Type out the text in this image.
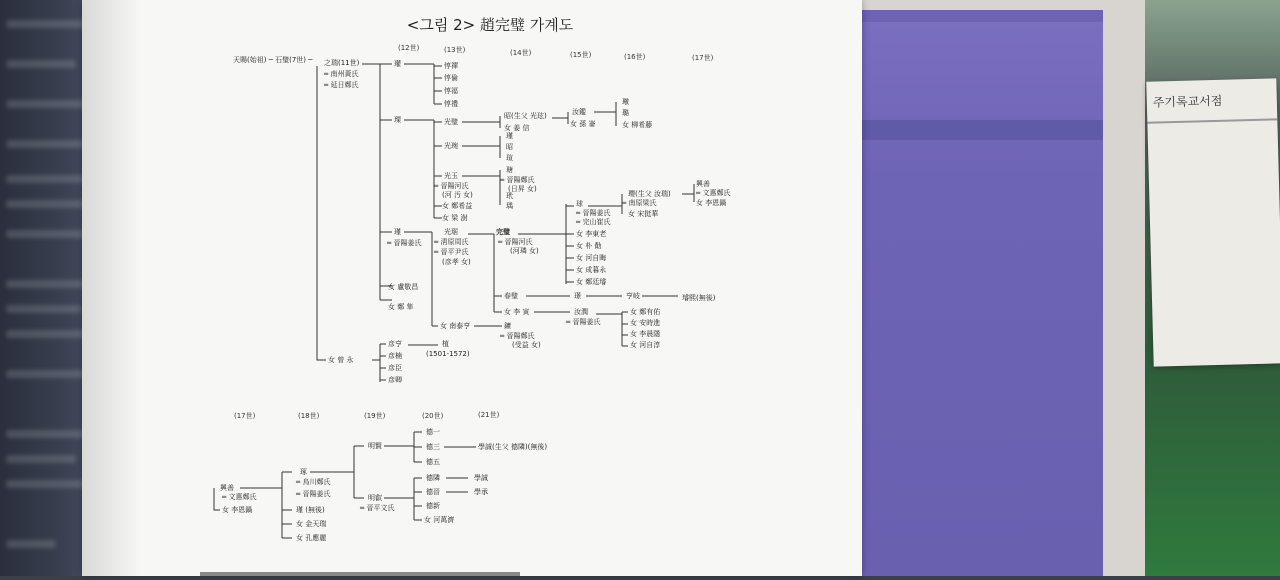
주기록교서점
<그림 2> 趙完璧 가계도
(12世)	(13世)	(14世)	(15世)	(16世)	(17世)
天賜(始祖) ─ 石璧(7世) ─ 之瑞(11世)
═ 南州黃氏
═ 延日鄭氏
瓘
瑮
瑾
═ 晉陽姜氏
女 盧敬昌
女 鄭 隼
惇禪
惇倫
惇福
惇禮
光璧
光琬
光玉
═ 晉陽河氏
(河 汚 女)
女 鄭希益
女 梁 澍
光琚
═ 淸原周氏
═ 晉平尹氏
(彦孝 女)
女 南泰亨
昭(生父 光玹)
女 姜 信
瑾
昭
瑄
瑭
═ 晉陽鄭氏
(日昇 女)
玳
瑀
完璧
═ 晉陽河氏
(河璘 女)
春璧
女 李 寅
鑛
═ 晉陽鄭氏
(受益 女)
汝鑑
女 孫 崙
璥
璐
女 柳希藤
球
═ 晉陽姜氏
═ 完山崔氏
女 李東老
女 朴 勣
女 河自晦
女 成暮永
女 鄭廷璿
瓔(生父 汝瑞)
═ 南原梁氏
女 宋挺華
興善
═ 文惠鄭氏
女 李恩鍋
璟	亨岐	璿熙(無後)
汝潤
═ 晉陽姜氏
女 鄭有佑
女 安時進
女 李晨隱
女 河自淳
女 曾 永
彦亨
彦楠
彦臣
彦卿
植
(1501-1572)
(17世)	(18世)	(19世)	(20世)	(21世)
興善
═ 文惠鄭氏
女 李恩鍋
琢
═ 烏川鄭氏
═ 晉陽姜氏
瑾 (無後)
女 金天瑞
女 孔應麗
明賢
明叡
═ 晉平文氏
德一
德三
德五
學誠(生父 德隣)(無後)
德隣
德晉
德新
女 河萬濟
學誠
學承
